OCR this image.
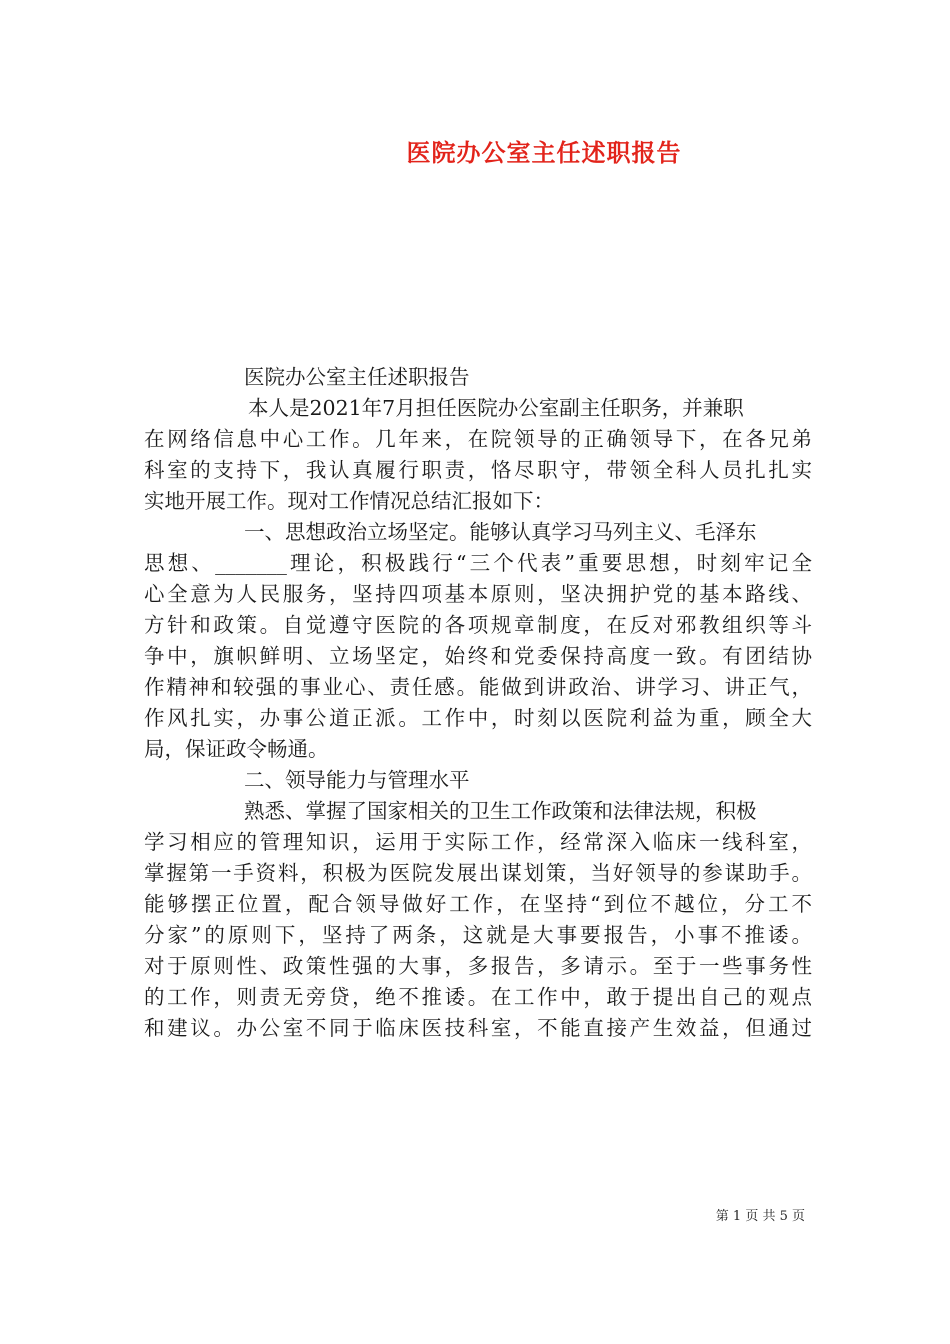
医院办公室主任述职报告
医院办公室主任述职报告
本人是2021年7月担任医院办公室副主任职务，并兼职
在网络信息中心工作。几年来，在院领导的正确领导下，在各兄弟
科室的支持下，我认真履行职责，恪尽职守，带领全科人员扎扎实
实地开展工作。现对工作情况总结汇报如下：
一、思想政治立场坚定。能够认真学习马列主义、毛泽东
思想、_______理论，积极践行“三个代表”重要思想，时刻牢记全
心全意为人民服务，坚持四项基本原则，坚决拥护党的基本路线、
方针和政策。自觉遵守医院的各项规章制度，在反对邪教组织等斗
争中，旗帜鲜明、立场坚定，始终和党委保持高度一致。有团结协
作精神和较强的事业心、责任感。能做到讲政治、讲学习、讲正气，
作风扎实，办事公道正派。工作中，时刻以医院利益为重，顾全大
局，保证政令畅通。
二、领导能力与管理水平
熟悉、掌握了国家相关的卫生工作政策和法律法规，积极
学习相应的管理知识，运用于实际工作，经常深入临床一线科室，
掌握第一手资料，积极为医院发展出谋划策，当好领导的参谋助手。
能够摆正位置，配合领导做好工作，在坚持“到位不越位，分工不
分家”的原则下，坚持了两条，这就是大事要报告，小事不推诿。
对于原则性、政策性强的大事，多报告，多请示。至于一些事务性
的工作，则责无旁贷，绝不推诿。在工作中，敢于提出自己的观点
和建议。办公室不同于临床医技科室，不能直接产生效益，但通过
第 1 页 共 5 页
